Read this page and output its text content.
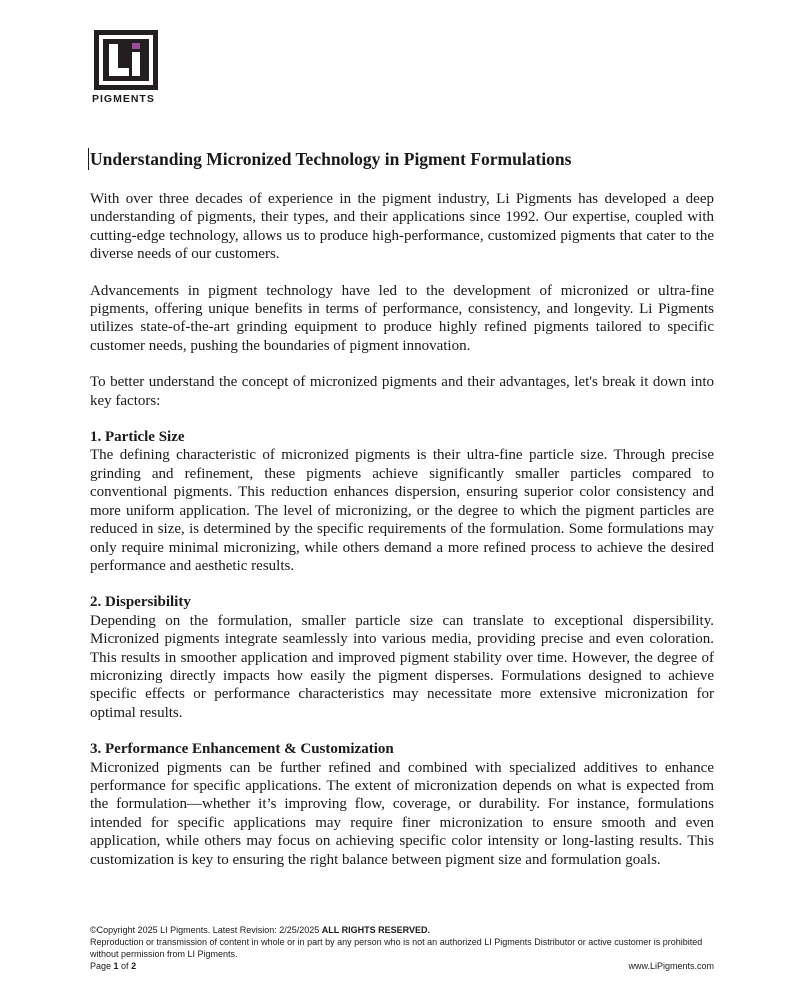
PIGMENTS
Understanding Micronized Technology in Pigment Formulations

With over three decades of experience in the pigment industry, Li Pigments has developed a deep understanding of pigments, their types, and their applications since 1992. Our expertise, coupled with cutting-edge technology, allows us to produce high-performance, customized pigments that cater to the diverse needs of our customers.

Advancements in pigment technology have led to the development of micronized or ultra-fine pigments, offering unique benefits in terms of performance, consistency, and longevity. Li Pigments utilizes state-of-the-art grinding equipment to produce highly refined pigments tailored to specific customer needs, pushing the boundaries of pigment innovation.

To better understand the concept of micronized pigments and their advantages, let's break it down into key factors:

1. Particle Size

The defining characteristic of micronized pigments is their ultra-fine particle size. Through precise grinding and refinement, these pigments achieve significantly smaller particles compared to conventional pigments. This reduction enhances dispersion, ensuring superior color consistency and more uniform application. The level of micronizing, or the degree to which the pigment particles are reduced in size, is determined by the specific requirements of the formulation. Some formulations may only require minimal micronizing, while others demand a more refined process to achieve the desired performance and aesthetic results.

2. Dispersibility

Depending on the formulation, smaller particle size can translate to exceptional dispersibility. Micronized pigments integrate seamlessly into various media, providing precise and even coloration. This results in smoother application and improved pigment stability over time. However, the degree of micronizing directly impacts how easily the pigment disperses. Formulations designed to achieve specific effects or performance characteristics may necessitate more extensive micronization for optimal results.

3. Performance Enhancement & Customization

Micronized pigments can be further refined and combined with specialized additives to enhance performance for specific applications. The extent of micronization depends on what is expected from the formulation—whether it’s improving flow, coverage, or durability. For instance, formulations intended for specific applications may require finer micronization to ensure smooth and even application, while others may focus on achieving specific color intensity or long-lasting results. This customization is key to ensuring the right balance between pigment size and formulation goals.

©Copyright 2025 LI Pigments. Latest Revision: 2/25/2025 ALL RIGHTS RESERVED.
Reproduction or transmission of content in whole or in part by any person who is not an authorized LI Pigments Distributor or active customer is prohibited without permission from LI Pigments.
Page 1 of 2	www.LiPigments.com
